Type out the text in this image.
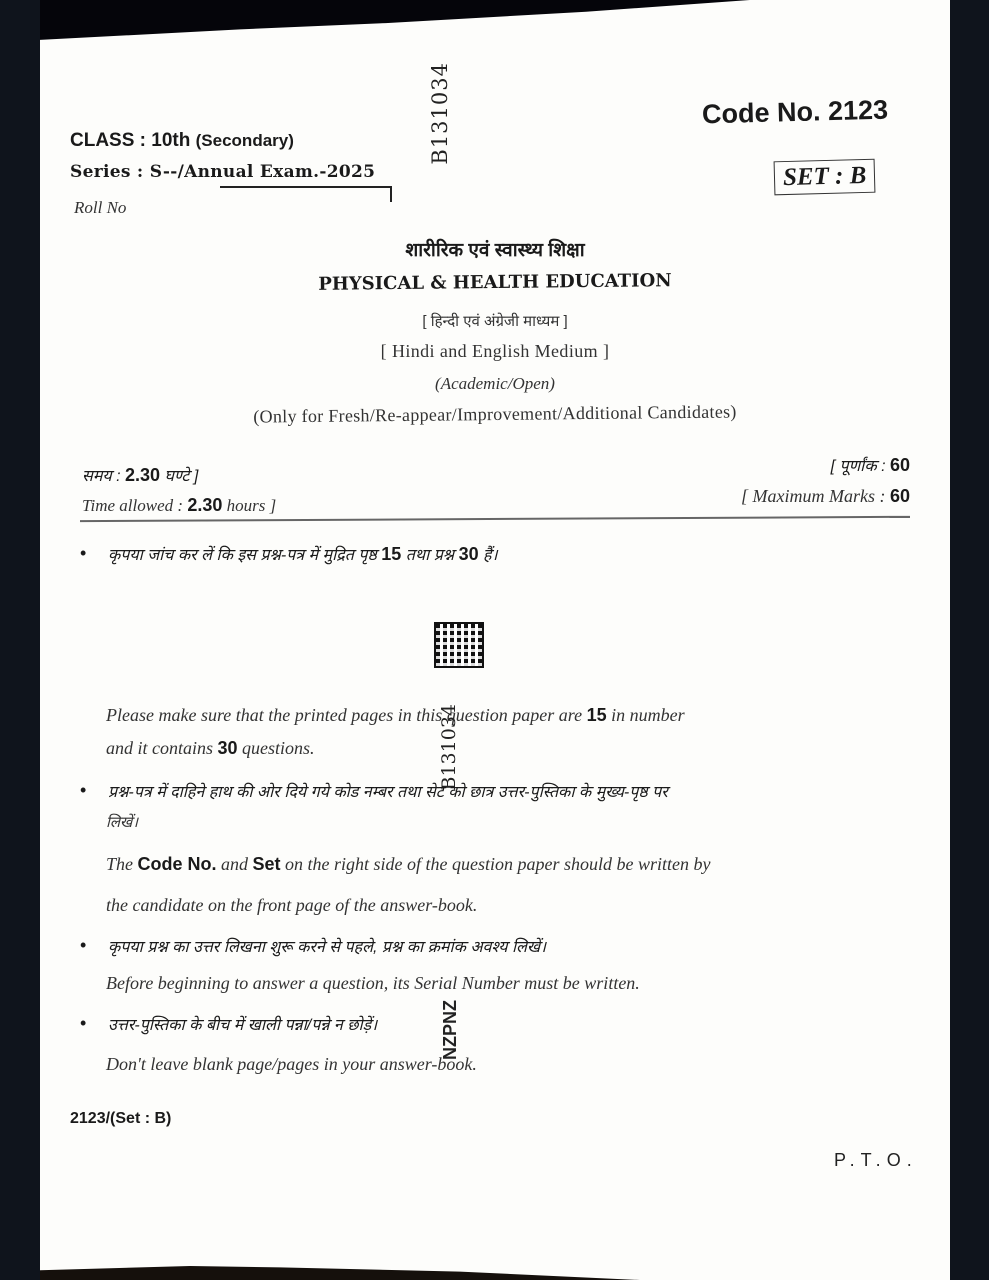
CLASS : 10th (Secondary)
Series : S--/Annual Exam.-2025
Roll No
B131034	Code No. 2123
SET : B
शारीरिक एवं स्वास्थ्य शिक्षा
PHYSICAL & HEALTH EDUCATION
[ हिन्दी एवं अंग्रेजी माध्यम ]
[ Hindi and English Medium ]
(Academic/Open)
(Only for Fresh/Re-appear/Improvement/Additional Candidates)
समय : 2.30 घण्टे ]
Time allowed : 2.30 hours ]
[ पूर्णांक : 60
[ Maximum Marks : 60
• कृपया जांच कर लें कि इस प्रश्न-पत्र में मुद्रित पृष्ठ 15 तथा प्रश्न 30 हैं।
Please make sure that the printed pages in this question paper are 15 in number
and it contains 30 questions.	B131034
• प्रश्न-पत्र में दाहिने हाथ की ओर दिये गये कोड नम्बर तथा सेट को छात्र उत्तर-पुस्तिका के मुख्य-पृष्ठ पर
लिखें।
The Code No. and Set on the right side of the question paper should be written by
the candidate on the front page of the answer-book.
• कृपया प्रश्न का उत्तर लिखना शुरू करने से पहले, प्रश्न का क्रमांक अवश्य लिखें।
Before beginning to answer a question, its Serial Number must be written.
• उत्तर-पुस्तिका के बीच में खाली पन्ना/पन्ने न छोड़ें।
Don't leave blank page/pages in your answer-book.
NZPNZ
2123/(Set : B)
P.T.O.
